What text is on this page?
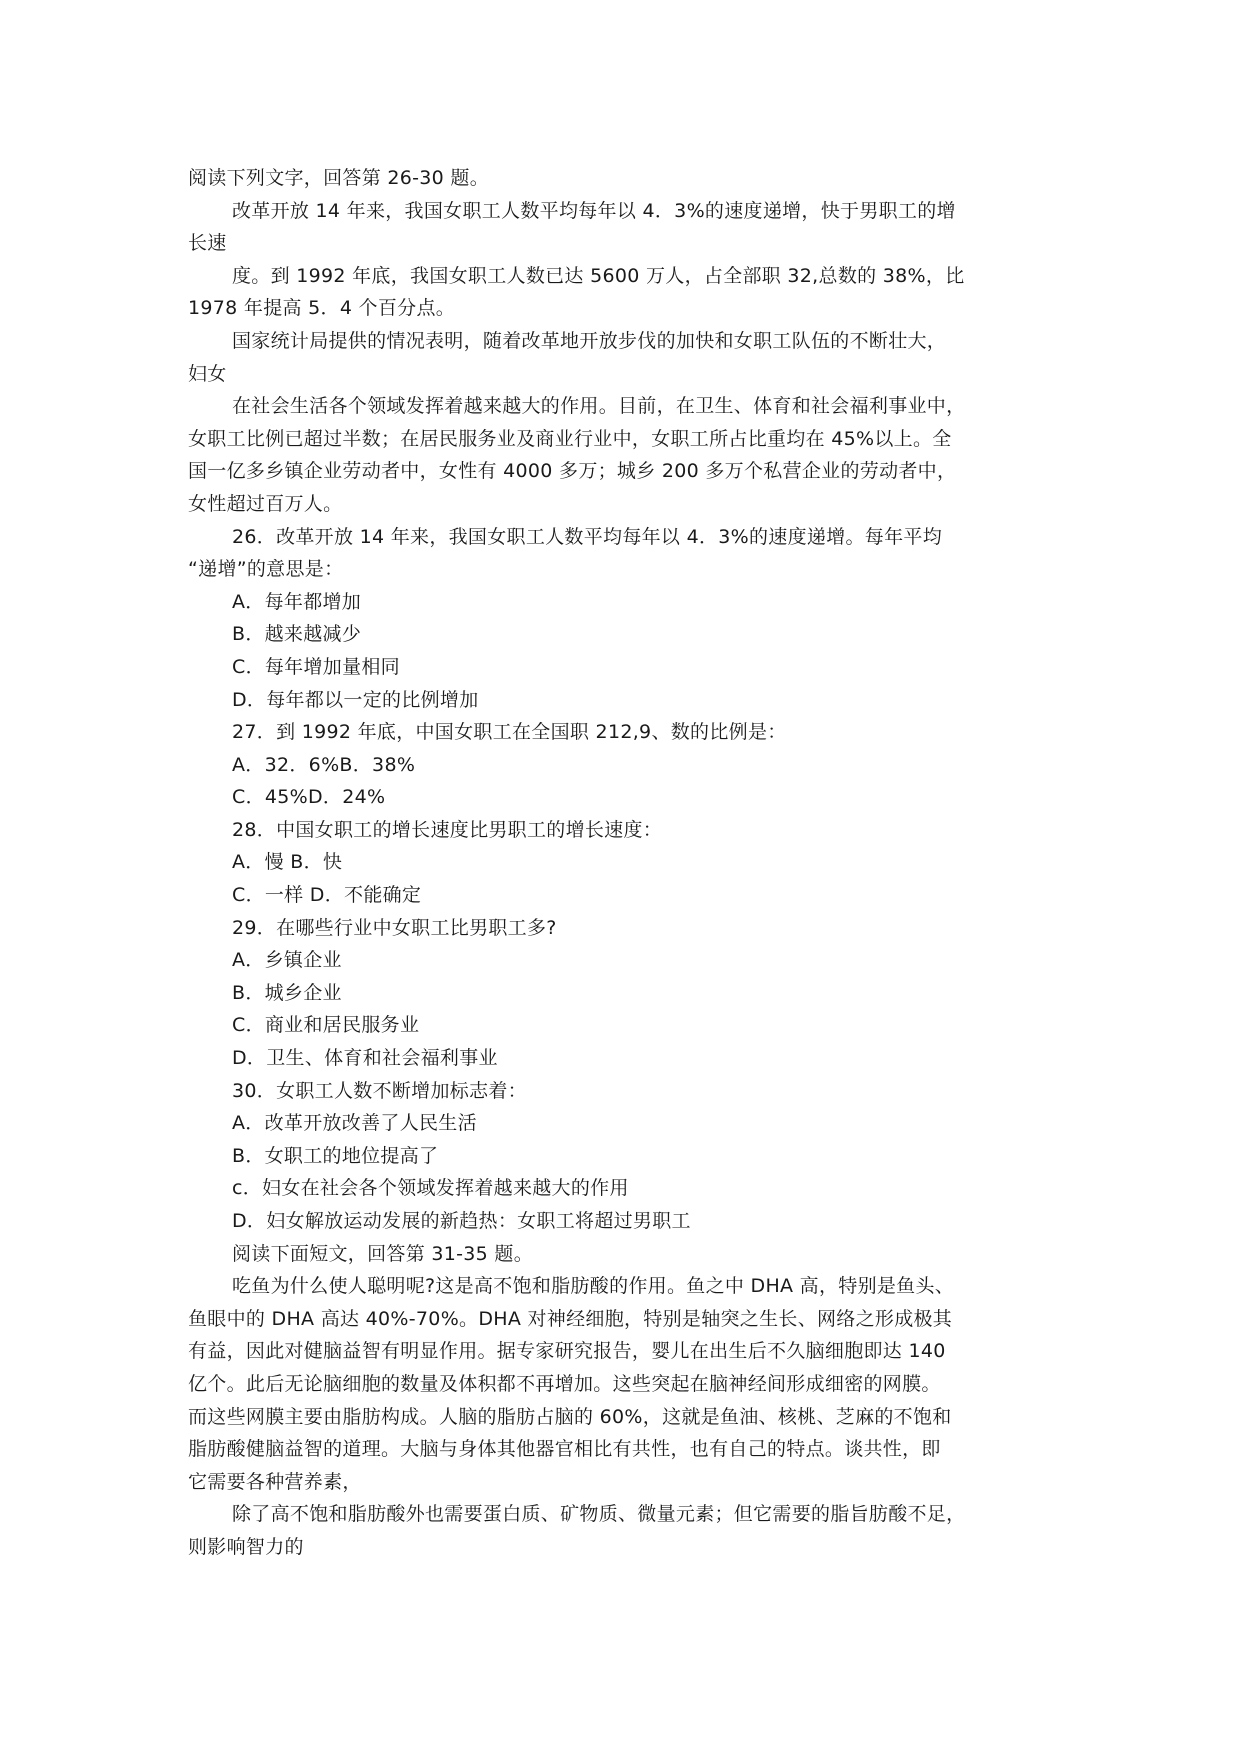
阅读下列文字，回答第 26-30 题。
改革开放 14 年来，我国女职工人数平均每年以 4．3%的速度递增，快于男职工的增
长速
度。到 1992 年底，我国女职工人数已达 5600 万人，占全部职 32,总数的 38%，比
1978 年提高 5．4 个百分点。
国家统计局提供的情况表明，随着改革地开放步伐的加快和女职工队伍的不断壮大，
妇女
在社会生活各个领域发挥着越来越大的作用。目前，在卫生、体育和社会福利事业中，
女职工比例已超过半数；在居民服务业及商业行业中，女职工所占比重均在 45%以上。全
国一亿多乡镇企业劳动者中，女性有 4000 多万；城乡 200 多万个私营企业的劳动者中，
女性超过百万人。
26．改革开放 14 年来，我国女职工人数平均每年以 4．3%的速度递增。每年平均
“递增”的意思是：
A．每年都增加
B．越来越减少
C．每年增加量相同
D．每年都以一定的比例增加
27．到 1992 年底，中国女职工在全国职 212,9、数的比例是：
A．32．6%B．38%
C．45%D．24%
28．中国女职工的增长速度比男职工的增长速度：
A．慢 B．快
C．一样 D．不能确定
29．在哪些行业中女职工比男职工多?
A．乡镇企业
B．城乡企业
C．商业和居民服务业
D．卫生、体育和社会福利事业
30．女职工人数不断增加标志着：
A．改革开放改善了人民生活
B．女职工的地位提高了
c．妇女在社会各个领域发挥着越来越大的作用
D．妇女解放运动发展的新趋热：女职工将超过男职工
阅读下面短文，回答第 31-35 题。
吃鱼为什么使人聪明呢?这是高不饱和脂肪酸的作用。鱼之中 DHA 高，特别是鱼头、
鱼眼中的 DHA 高达 40%-70%。DHA 对神经细胞，特别是轴突之生长、网络之形成极其
有益，因此对健脑益智有明显作用。据专家研究报告，婴儿在出生后不久脑细胞即达 140
亿个。此后无论脑细胞的数量及体积都不再增加。这些突起在脑神经间形成细密的网膜。
而这些网膜主要由脂肪构成。人脑的脂肪占脑的 60%，这就是鱼油、核桃、芝麻的不饱和
脂肪酸健脑益智的道理。大脑与身体其他器官相比有共性，也有自己的特点。谈共性，即
它需要各种营养素，
除了高不饱和脂肪酸外也需要蛋白质、矿物质、微量元素；但它需要的脂旨肪酸不足，
则影响智力的
